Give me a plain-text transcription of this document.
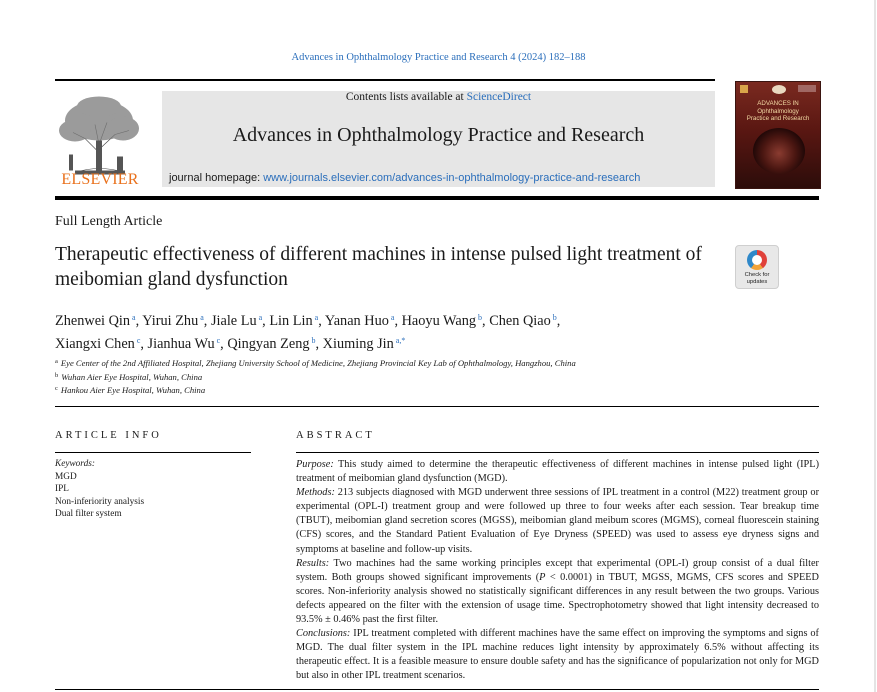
Advances in Ophthalmology Practice and Research 4 (2024) 182–188
ELSEVIER
Contents lists available at ScienceDirect
Advances in Ophthalmology Practice and Research
journal homepage: www.journals.elsevier.com/advances-in-ophthalmology-practice-and-research
ADVANCES IN
Ophthalmology
Practice and Research
Full Length Article
Therapeutic effectiveness of different machines in intense pulsed light treatment of meibomian gland dysfunction	Check for
updates
Zhenwei Qin $^a$, Yirui Zhu $^a$, Jiale Lu $^a$, Lin Lin $^a$, Yanan Huo $^a$, Haoyu Wang $^b$, Chen Qiao $^b$,
Xiangxi Chen $^c$, Jianhua Wu $^c$, Qingyan Zeng $^b$, Xiuming Jin $^{a,*}$
$^a$ Eye Center of the 2nd Affiliated Hospital, Zhejiang University School of Medicine, Zhejiang Provincial Key Lab of Ophthalmology, Hangzhou, China
$^b$ Wuhan Aier Eye Hospital, Wuhan, China
$^c$ Hankou Aier Eye Hospital, Wuhan, China
ARTICLE INFO
Keywords:
MGD
IPL
Non-inferiority analysis
Dual filter system
ABSTRACT

Purpose: This study aimed to determine the therapeutic effectiveness of different machines in intense pulsed light (IPL) treatment of meibomian gland dysfunction (MGD).

Methods: 213 subjects diagnosed with MGD underwent three sessions of IPL treatment in a control (M22) treatment group or experimental (OPL-I) treatment group and were followed up three to four weeks after each session. Tear breakup time (TBUT), meibomian gland secretion scores (MGSS), meibomian gland meibum scores (MGMS), corneal fluorescein staining (CFS) scores, and the Standard Patient Evaluation of Eye Dryness (SPEED) was used to assess eye dryness signs and symptoms at baseline and follow-up visits.

Results: Two machines had the same working principles except that experimental (OPL-I) group consist of a dual filter system. Both groups showed significant improvements (P < 0.0001) in TBUT, MGSS, MGMS, CFS scores and SPEED scores. Non-inferiority analysis showed no statistically significant differences in any result between the two groups. Various defects appeared on the filter with the extension of usage time. Spectrophotometry showed that light intensity decreased to 93.5% ± 0.46% past the first filter.

Conclusions: IPL treatment completed with different machines have the same effect on improving the symptoms and signs of MGD. The dual filter system in the IPL machine reduces light intensity by approximately 6.5% without affecting its therapeutic effect. It is a feasible measure to ensure double safety and has the significance of popularization not only for MGD but also in other IPL treatment scenarios.
